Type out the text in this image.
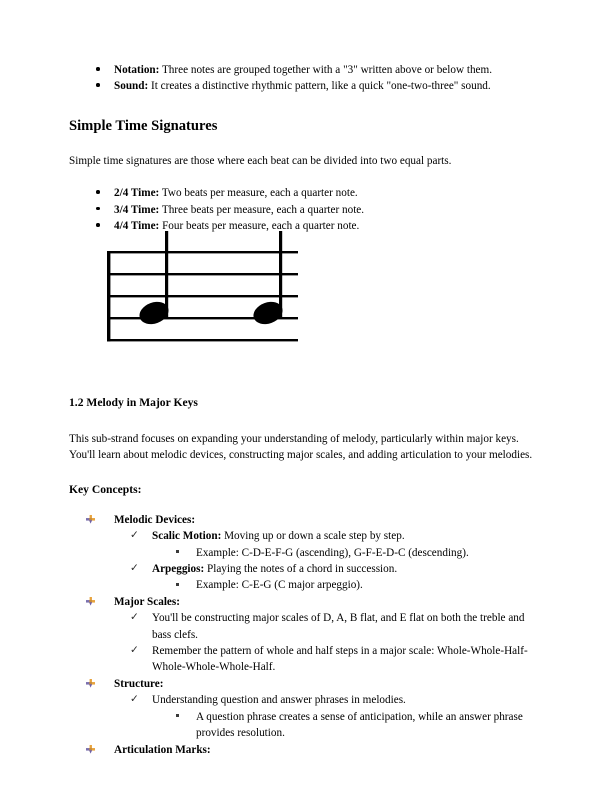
Notation: Three notes are grouped together with a "3" written above or below them.
Sound: It creates a distinctive rhythmic pattern, like a quick "one-two-three" sound.
Simple Time Signatures

Simple time signatures are those where each beat can be divided into two equal parts.

2/4 Time: Two beats per measure, each a quarter note.
3/4 Time: Three beats per measure, each a quarter note.
4/4 Time: Four beats per measure, each a quarter note.
1.2 Melody in Major Keys

This sub-strand focuses on expanding your understanding of melody, particularly within major keys. You'll learn about melodic devices, constructing major scales, and adding articulation to your melodies.

Key Concepts:
Melodic Devices:
✓	Scalic Motion: Moving up or down a scale step by step.
Example: C-D-E-F-G (ascending), G-F-E-D-C (descending).
✓	Arpeggios: Playing the notes of a chord in succession.
Example: C-E-G (C major arpeggio).
Major Scales:
✓	You'll be constructing major scales of D, A, B flat, and E flat on both the treble and bass clefs.
✓	Remember the pattern of whole and half steps in a major scale: Whole-Whole-Half-Whole-Whole-Whole-Half.
Structure:
✓	Understanding question and answer phrases in melodies.
A question phrase creates a sense of anticipation, while an answer phrase provides resolution.
Articulation Marks:
